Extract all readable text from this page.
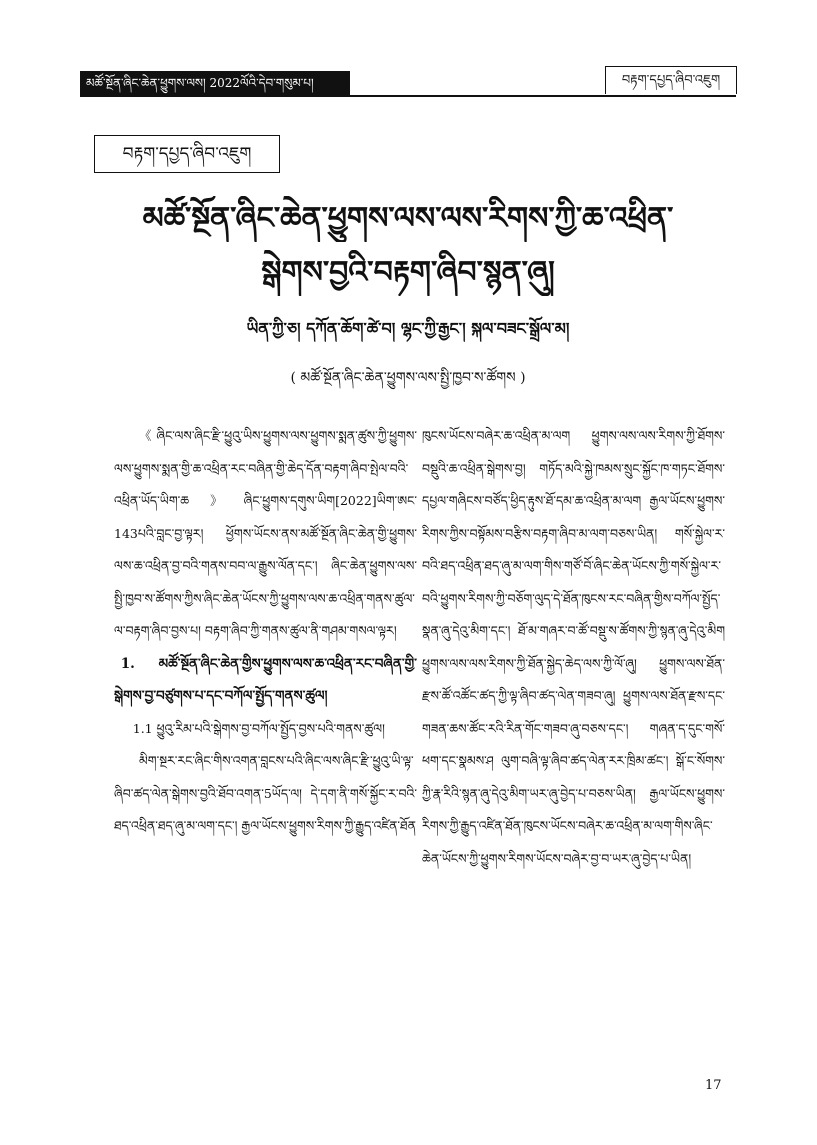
མཚོ་སྔོན་ཞིང་ཆེན་ཕྱུགས་ལས། 2022ལོའི་དེབ་གསུམ་པ།	བརྟག་དཔྱད་ཞིབ་འཇུག
བརྟག་དཔྱད་ཞིབ་འཇུག
མཚོ་སྔོན་ཞིང་ཆེན་ཕྱུགས་ལས་ལས་རིགས་ཀྱི་ཆ་འཕྲིན་
སྒེགས་བྱའི་བརྟག་ཞིབ་སྙན་ཞུ།
ཡིན་ཀྱི་ཅ། དཀོན་ཆོག་ཚེ་བ། ལྷང་ཀྱི་རྒྱང་། སྐལ་བཟང་སྒྲོལ་མ།
( མཚོ་སྔོན་ཞིང་ཆེན་ཕྱུགས་ལས་སྤྱི་ཁྱབ་ས་ཚོགས )

《ཞིང་ལས་ཞིང་རྫི་ཕྱུའུ་ཡིས་ཕྱུགས་ལས་ཕྱུགས་སྨན་ཚུས་ཀྱི་ཕྱུགས་ལས་ཕྱུགས་སྨན་གྱི་ཆ་འཕྲིན་རང་བཞིན་གྱི་ཆེད་དོན་བརྟག་ཞིབ་སྤེལ་བའི་འཕྲིན་ཡོད་ཡིག་ཆ》ཞིང་ཕྱུགས་དགུས་ཡིག[2022]ཡིག་ཨང་143པའི་བླང་བྱ་ལྟར། ཕྱོགས་ཡོངས་ནས་མཚོ་སྔོན་ཞིང་ཆེན་གྱི་ཕྱུགས་ལས་ཆ་འཕྲིན་བྱ་བའི་གནས་བབ་ལ་རྒྱུས་ལོན་དང་། ཞིང་ཆེན་ཕྱུགས་ལས་སྤྱི་ཁྱབ་ས་ཚོགས་ཀྱིས་ཞིང་ཆེན་ཡོངས་ཀྱི་ཕྱུགས་ལས་ཆ་འཕྲིན་གནས་ཚུལ་ལ་བརྟག་ཞིབ་བྱས་པ། བརྟག་ཞིབ་ཀྱི་གནས་ཚུལ་ནི་གཤམ་གསལ་ལྟར།

1. མཚོ་སྔོན་ཞིང་ཆེན་གྱིས་ཕྱུགས་ལས་ཆ་འཕྲིན་རང་བཞིན་གྱི་སྒེགས་བྱ་བཙུགས་པ་དང་བཀོལ་སྤྱོད་གནས་ཚུལ།

1.1 ཕྱུའུ་རིམ་པའི་སྒེགས་བྱ་བཀོལ་སྤྱོད་བྱས་པའི་གནས་ཚུལ།

མིག་སྔར་རང་ཞིང་གིས་འགན་བླངས་པའི་ཞིང་ལས་ཞིང་རྫི་ཕྱུའུ་ཡི་ལྟ་ཞིབ་ཚད་ལེན་སྒེགས་བྱའི་ཐོབ་འགན་5ཡོད་ལ། དེ་དག་ནི་གསོ་སྐྱོང་ར་བའི་ཐད་འཕྲིན་ཐད་ཞུ་མ་ལག་དང་། རྒྱལ་ཡོངས་ཕྱུགས་རིགས་ཀྱི་རྒྱུད་འཛིན་ཐོན

ཁུངས་ཡོངས་བཞེར་ཆ་འཕྲིན་མ་ལག ཕྱུགས་ལས་ལས་རིགས་ཀྱི་ཐོགས་བསྡུའི་ཆ་འཕྲིན་སྒེགས་བྱ། གཏོད་མའི་སྐྱེ་ཁམས་སྲུང་སྐྱོང་ཁ་གཏང་ཐོགས་དཔྱལ་གཞིངས་བཙོད་ཕྱིད་རྟུས་ཐོ་དམ་ཆ་འཕྲིན་མ་ལག རྒྱལ་ཡོངས་ཕྱུགས་རིགས་ཀྱིས་བསྟོམས་བརྩིས་བརྟག་ཞིབ་མ་ལག་བཅས་ཡིན། གསོ་སྐྱེལ་ར་བའི་ཐད་འཕྲིན་ཐད་ཞུ་མ་ལག་གིས་གཙོ་བོ་ཞིང་ཆེན་ཡོངས་ཀྱི་གསོ་སྐྱེལ་ར་བའི་ཕྱུགས་རིགས་ཀྱི་བཅོག་ལུད་དེ་ཐོན་ཁུངས་རང་བཞིན་གྱིས་བཀོལ་སྤྱོད་སྣན་ཞུ་དེའུ་མིག་དང་། ཐོ་མ་གཞར་བ་ཚོ་བསྡུ་ས་ཚོགས་ཀྱི་སྙན་ཞུ་དེའུ་མིག ཕྱུགས་ལས་ལས་རིགས་ཀྱི་ཐོན་སྐྱེད་ཆེད་ལས་ཀྱི་ལོ་ཞུ། ཕྱུགས་ལས་ཐོན་རྫས་ཚོ་འཚོང་ཚད་ཀྱི་ལྟ་ཞིབ་ཚད་ལེན་གཟབ་ཞུ། ཕྱུགས་ལས་ཐོན་རྫས་དང་གཟན་ཆས་ཚོང་རའི་རིན་གོང་གཟབ་ཞུ་བཅས་དང་། གཞན་ད་དུང་གསོ་ཕག་དང་སྣམས་ཤ ལུག་བཞི་ལྟ་ཞིབ་ཚད་ལེན་རར་ཁྲིམ་ཚང་། སྒོ་ང་སོགས་ཀྱི་རྣ་རིའི་སྙན་ཞུ་དེའུ་མིག་ཡར་ཞུ་བྱེད་པ་བཅས་ཡིན། རྒྱལ་ཡོངས་ཕྱུགས་རིགས་ཀྱི་རྒྱུད་འཛིན་ཐོན་ཁུངས་ཡོངས་བཞེར་ཆ་འཕྲིན་མ་ལག་གིས་ཞིང་ཆེན་ཡོངས་ཀྱི་ཕྱུགས་རིགས་ཡོངས་བཞེར་བྱ་བ་ཡར་ཞུ་བྱེད་པ་ཡིན།

17
